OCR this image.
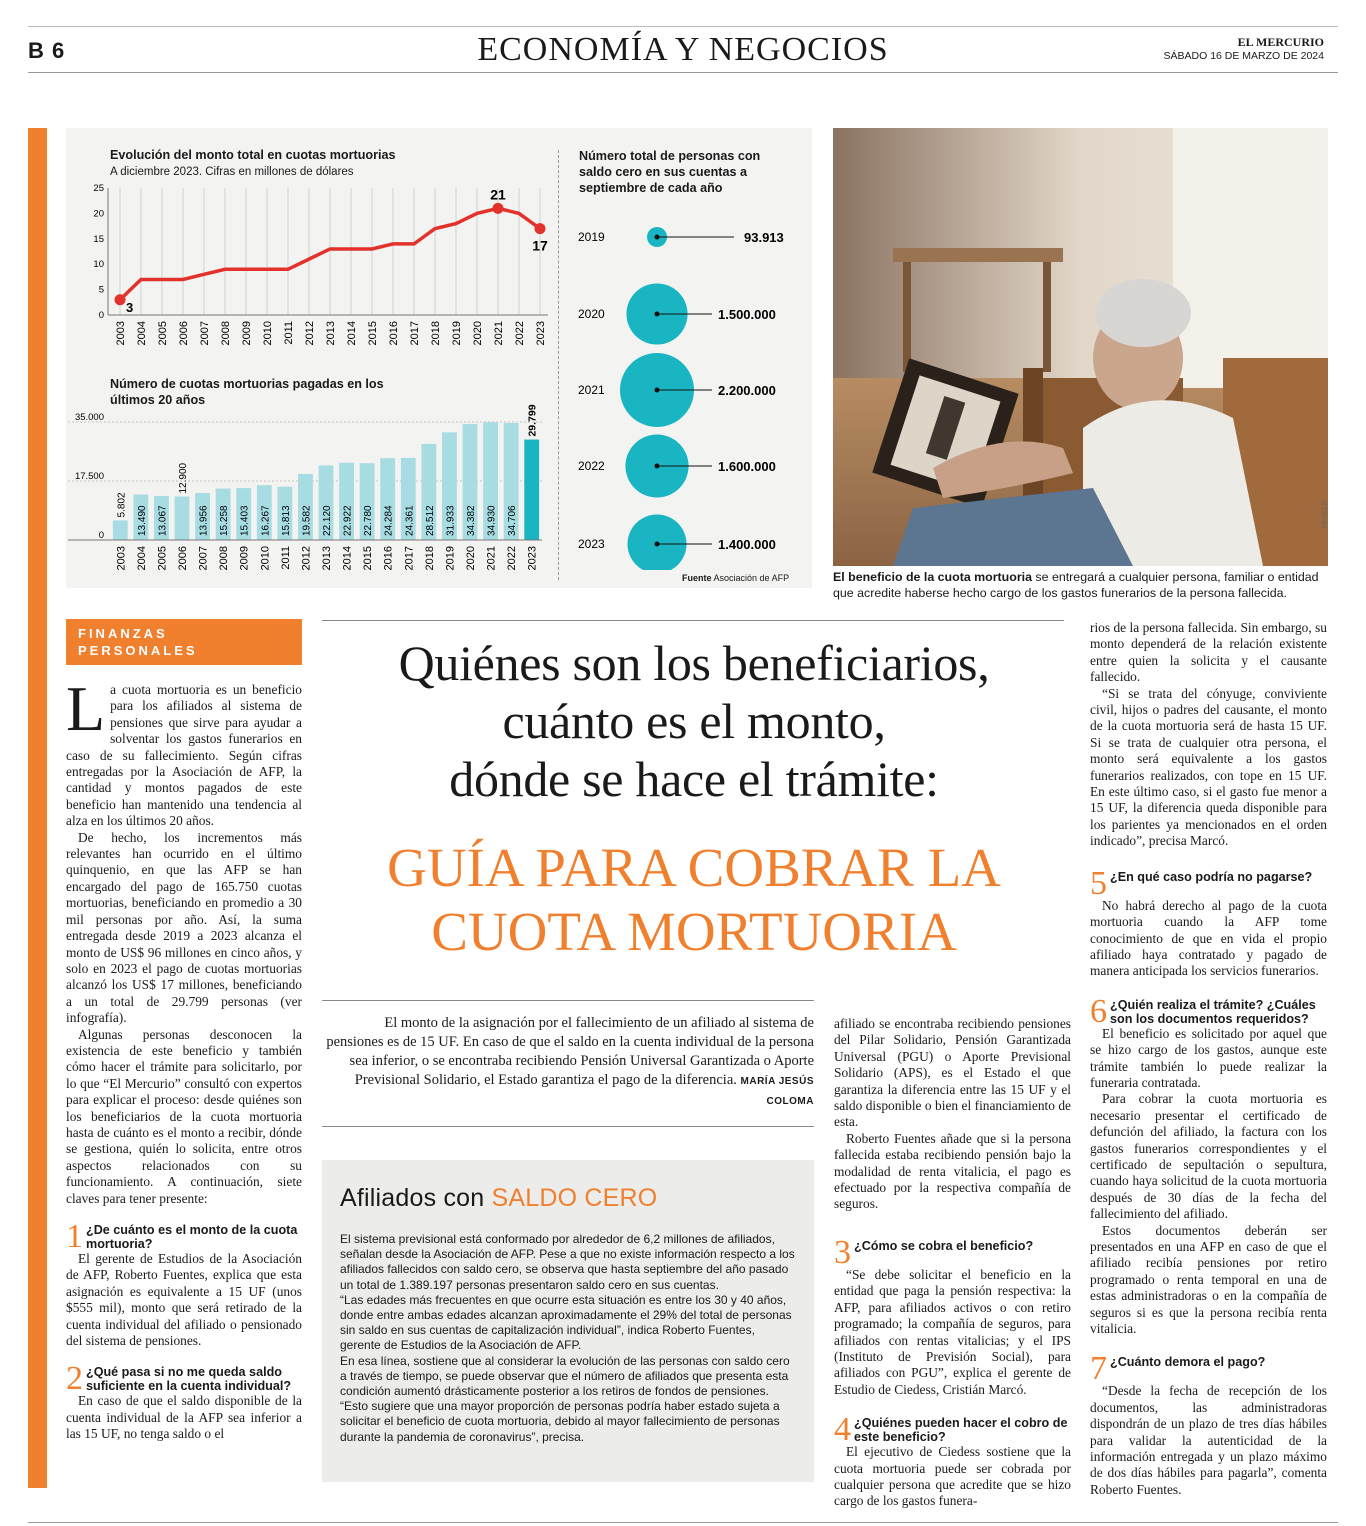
B 6	ECONOMÍA Y NEGOCIOS	EL MERCURIO
SÁBADO 16 DE MARZO DE 2024
Evolución del monto total en cuotas mortuorias
A diciembre 2023. Cifras en millones de dólares
2003 2004 2005 2006 2007 2008 2009 2010 2011 2012 2013 2014 2015 2016 2017 2018 2019 2020 2021 2022 2023
0
5
10
15
20
25
3
21
17
Número de cuotas mortuorias pagadas en los últimos 20 años
0
17.500
35.000
5.802
2003
13.490
2004
13.067
2005
12.900
2006
13.956
2007
15.258
2008
15.403
2009
16.267
2010
15.813
2011
19.582
2012
22.120
2013
22.922
2014
22.780
2015
24.284
2016
24.361
2017
28.512
2018
31.933
2019
34.382
2020
34.930
2021
34.706
2022
29.799
2023
Número total de personas con saldo cero en sus cuentas a septiembre de cada año
2019	93.913
2020	1.500.000
2021	2.200.000
2022	1.600.000
2023	1.400.000
Fuente Asociación de AFP
PEXELS
El beneficio de la cuota mortuoria se entregará a cualquier persona, familiar o entidad que acredite haberse hecho cargo de los gastos funerarios de la persona fallecida.
FINANZAS
PERSONALES	Quiénes son los beneficiarios,
cuánto es el monto,
dónde se hace el trámite:
GUÍA PARA COBRAR LA
CUOTA MORTUORIA
El monto de la asignación por el fallecimiento de un afiliado al sistema de pensiones es de 15 UF. En caso de que el saldo en la cuenta individual de la persona sea inferior, o se encontraba recibiendo Pensión Universal Garantizada o Aporte Previsional Solidario, el Estado garantiza el pago de la diferencia. MARÍA JESÚS COLOMA

La cuota mortuoria es un beneficio para los afiliados al sistema de pensiones que sirve para ayudar a solventar los gastos funerarios en caso de su fallecimiento. Según cifras entregadas por la Asociación de AFP, la cantidad y montos pagados de este beneficio han mantenido una tendencia al alza en los últimos 20 años.

De hecho, los incrementos más relevantes han ocurrido en el último quinquenio, en que las AFP se han encargado del pago de 165.750 cuotas mortuorias, beneficiando en promedio a 30 mil personas por año. Así, la suma entregada desde 2019 a 2023 alcanza el monto de US$ 96 millones en cinco años, y solo en 2023 el pago de cuotas mortuorias alcanzó los US$ 17 millones, beneficiando a un total de 29.799 personas (ver infografía).

Algunas personas desconocen la existencia de este beneficio y también cómo hacer el trámite para solicitarlo, por lo que “El Mercurio” consultó con expertos para explicar el proceso: desde quiénes son los beneficiarios de la cuota mortuoria hasta de cuánto es el monto a recibir, dónde se gestiona, quién lo solicita, entre otros aspectos relacionados con su funcionamiento. A continuación, siete claves para tener presente:

1 ¿De cuánto es el monto de la cuota mortuoria?

El gerente de Estudios de la Asociación de AFP, Roberto Fuentes, explica que esta asignación es equivalente a 15 UF (unos $555 mil), monto que será retirado de la cuenta individual del afiliado o pensionado del sistema de pensiones.

2 ¿Qué pasa si no me queda saldo suficiente en la cuenta individual?

En caso de que el saldo disponible de la cuenta individual de la AFP sea inferior a las 15 UF, no tenga saldo o el

afiliado se encontraba recibiendo pensiones del Pilar Solidario, Pensión Garantizada Universal (PGU) o Aporte Previsional Solidario (APS), es el Estado el que garantiza la diferencia entre las 15 UF y el saldo disponible o bien el financiamiento de esta.

Roberto Fuentes añade que si la persona fallecida estaba recibiendo pensión bajo la modalidad de renta vitalicia, el pago es efectuado por la respectiva compañía de seguros.

3 ¿Cómo se cobra el beneficio?

“Se debe solicitar el beneficio en la entidad que paga la pensión respectiva: la AFP, para afiliados activos o con retiro programado; la compañía de seguros, para afiliados con rentas vitalicias; y el IPS (Instituto de Previsión Social), para afiliados con PGU”, explica el gerente de Estudio de Ciedess, Cristián Marcó.

4 ¿Quiénes pueden hacer el cobro de este beneficio?

El ejecutivo de Ciedess sostiene que la cuota mortuoria puede ser cobrada por cualquier persona que acredite que se hizo cargo de los gastos funera-

rios de la persona fallecida. Sin embargo, su monto dependerá de la relación existente entre quien la solicita y el causante fallecido.

“Si se trata del cónyuge, conviviente civil, hijos o padres del causante, el monto de la cuota mortuoria será de hasta 15 UF. Si se trata de cualquier otra persona, el monto será equivalente a los gastos funerarios realizados, con tope en 15 UF. En este último caso, si el gasto fue menor a 15 UF, la diferencia queda disponible para los parientes ya mencionados en el orden indicado”, precisa Marcó.

5 ¿En qué caso podría no pagarse?

No habrá derecho al pago de la cuota mortuoria cuando la AFP tome conocimiento de que en vida el propio afiliado haya contratado y pagado de manera anticipada los servicios funerarios.

6 ¿Quién realiza el trámite? ¿Cuáles son los documentos requeridos?

El beneficio es solicitado por aquel que se hizo cargo de los gastos, aunque este trámite también lo puede realizar la funeraria contratada.

Para cobrar la cuota mortuoria es necesario presentar el certificado de defunción del afiliado, la factura con los gastos funerarios correspondientes y el certificado de sepultación o sepultura, cuando haya solicitud de la cuota mortuoria después de 30 días de la fecha del fallecimiento del afiliado.

Estos documentos deberán ser presentados en una AFP en caso de que el afiliado recibía pensiones por retiro programado o renta temporal en una de estas administradoras o en la compañía de seguros si es que la persona recibía renta vitalicia.

7 ¿Cuánto demora el pago?

“Desde la fecha de recepción de los documentos, las administradoras dispondrán de un plazo de tres días hábiles para validar la autenticidad de la información entregada y un plazo máximo de dos días hábiles para pagarla”, comenta Roberto Fuentes.

Afiliados con SALDO CERO
El sistema previsional está conformado por alrededor de 6,2 millones de afiliados, señalan desde la Asociación de AFP. Pese a que no existe información respecto a los afiliados fallecidos con saldo cero, se observa que hasta septiembre del año pasado un total de 1.389.197 personas presentaron saldo cero en sus cuentas.
“Las edades más frecuentes en que ocurre esta situación es entre los 30 y 40 años, donde entre ambas edades alcanzan aproximadamente el 29% del total de personas sin saldo en sus cuentas de capitalización individual”, indica Roberto Fuentes, gerente de Estudios de la Asociación de AFP.
En esa línea, sostiene que al considerar la evolución de las personas con saldo cero a través de tiempo, se puede observar que el número de afiliados que presenta esta condición aumentó drásticamente posterior a los retiros de fondos de pensiones. “Esto sugiere que una mayor proporción de personas podría haber estado sujeta a solicitar el beneficio de cuota mortuoria, debido al mayor fallecimiento de personas durante la pandemia de coronavirus”, precisa.
